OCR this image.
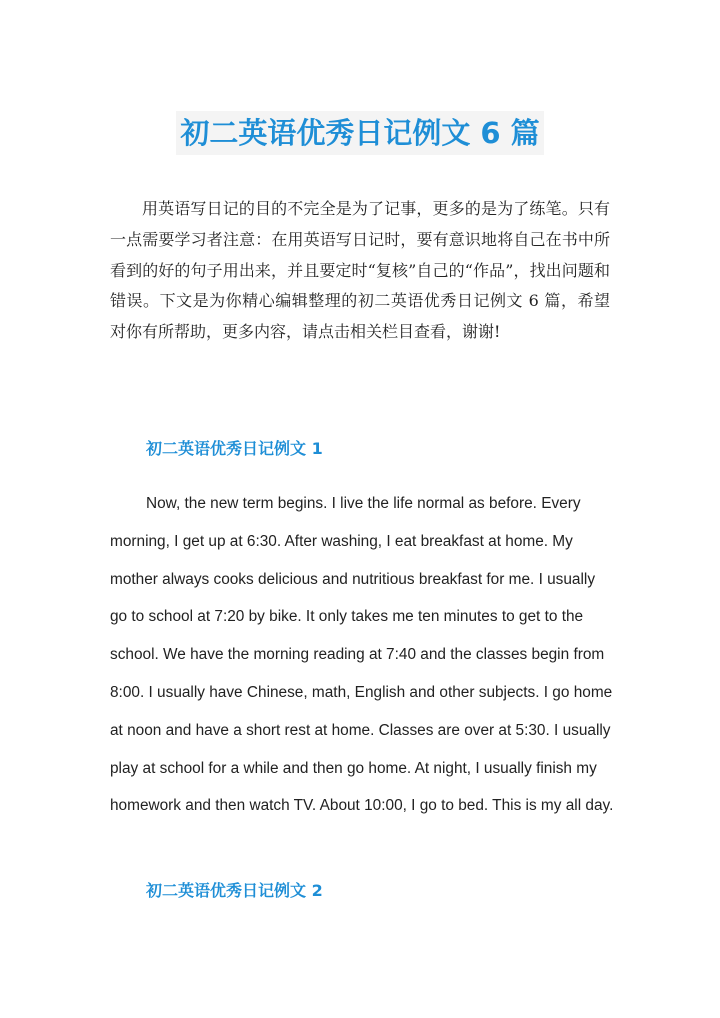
初二英语优秀日记例文 6 篇

用英语写日记的目的不完全是为了记事，更多的是为了练笔。只有一点需要学习者注意：在用英语写日记时，要有意识地将自己在书中所看到的好的句子用出来，并且要定时“复核”自己的“作品”，找出问题和错误。下文是为你精心编辑整理的初二英语优秀日记例文 6 篇，希望对你有所帮助，更多内容，请点击相关栏目查看，谢谢!

初二英语优秀日记例文 1

Now, the new term begins. I live the life normal as before. Every morning, I get up at 6:30. After washing, I eat breakfast at home. My mother always cooks delicious and nutritious breakfast for me. I usually go to school at 7:20 by bike. It only takes me ten minutes to get to the school. We have the morning reading at 7:40 and the classes begin from 8:00. I usually have Chinese, math, English and other subjects. I go home at noon and have a short rest at home. Classes are over at 5:30. I usually play at school for a while and then go home. At night, I usually finish my homework and then watch TV. About 10:00, I go to bed. This is my all day.

初二英语优秀日记例文 2
